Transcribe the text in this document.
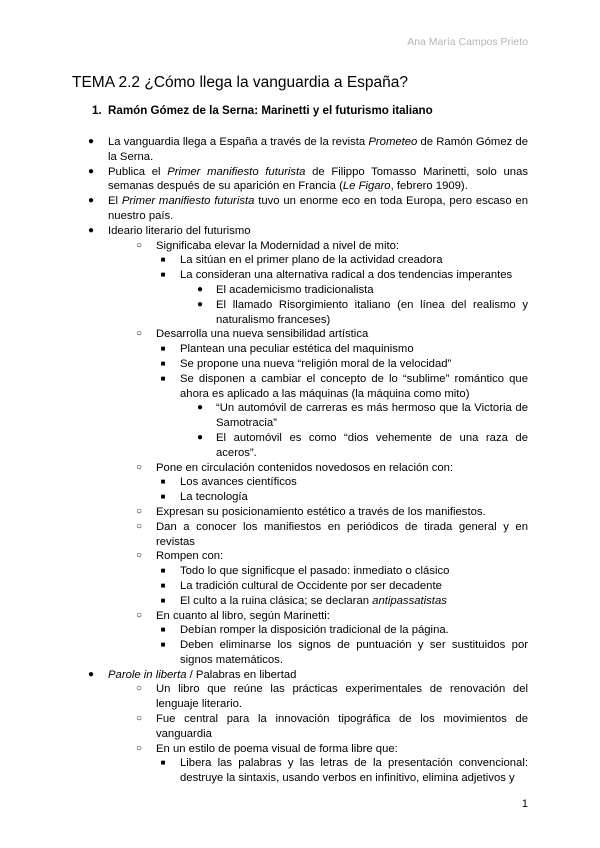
Ana María Campos Prieto
TEMA 2.2 ¿Cómo llega la vanguardia a España?
1. Ramón Gómez de la Serna: Marinetti y el futurismo italiano
●	La vanguardia llega a España a través de la revista Prometeo de Ramón Gómez de la Serna.
●	Publica el Primer manifiesto futurista de Filippo Tomasso Marinetti, solo unas semanas después de su aparición en Francia (Le Figaro, febrero 1909).
●	El Primer manifiesto futurista tuvo un enorme eco en toda Europa, pero escaso en nuestro país.
●	Ideario literario del futurismo
○	Significaba elevar la Modernidad a nivel de mito:
■	La sitúan en el primer plano de la actividad creadora
■	La consideran una alternativa radical a dos tendencias imperantes
●	El academicismo tradicionalista
●	El llamado Risorgimiento italiano (en línea del realismo y naturalismo franceses)
○	Desarrolla una nueva sensibilidad artística
■	Plantean una peculiar estética del maquinismo
■	Se propone una nueva “religión moral de la velocidad”
■	Se disponen a cambiar el concepto de lo “sublime” romántico que ahora es aplicado a las máquinas (la máquina como mito)
●	“Un automóvil de carreras es más hermoso que la Victoria de Samotracia”
●	El automóvil es como “dios vehemente de una raza de aceros”.
○	Pone en circulación contenidos novedosos en relación con:
■	Los avances científicos
■	La tecnología
○	Expresan su posicionamiento estético a través de los manifiestos.
○	Dan a conocer los manifiestos en periódicos de tirada general y en revistas
○	Rompen con:
■	Todo lo que significque el pasado: inmediato o clásico
■	La tradición cultural de Occidente por ser decadente
■	El culto a la ruina clásica; se declaran antipassatistas
○	En cuanto al libro, según Marinetti:
■	Debían romper la disposición tradicional de la página.
■	Deben eliminarse los signos de puntuación y ser sustituidos por signos matemáticos.
●	Parole in liberta / Palabras en libertad
○	Un libro que reúne las prácticas experimentales de renovación del lenguaje literario.
○	Fue central para la innovación tipográfica de los movimientos de vanguardia
○	En un estilo de poema visual de forma libre que:
■	Libera las palabras y las letras de la presentación convencional: destruye la sintaxis, usando verbos en infinitivo, elimina adjetivos y
1
